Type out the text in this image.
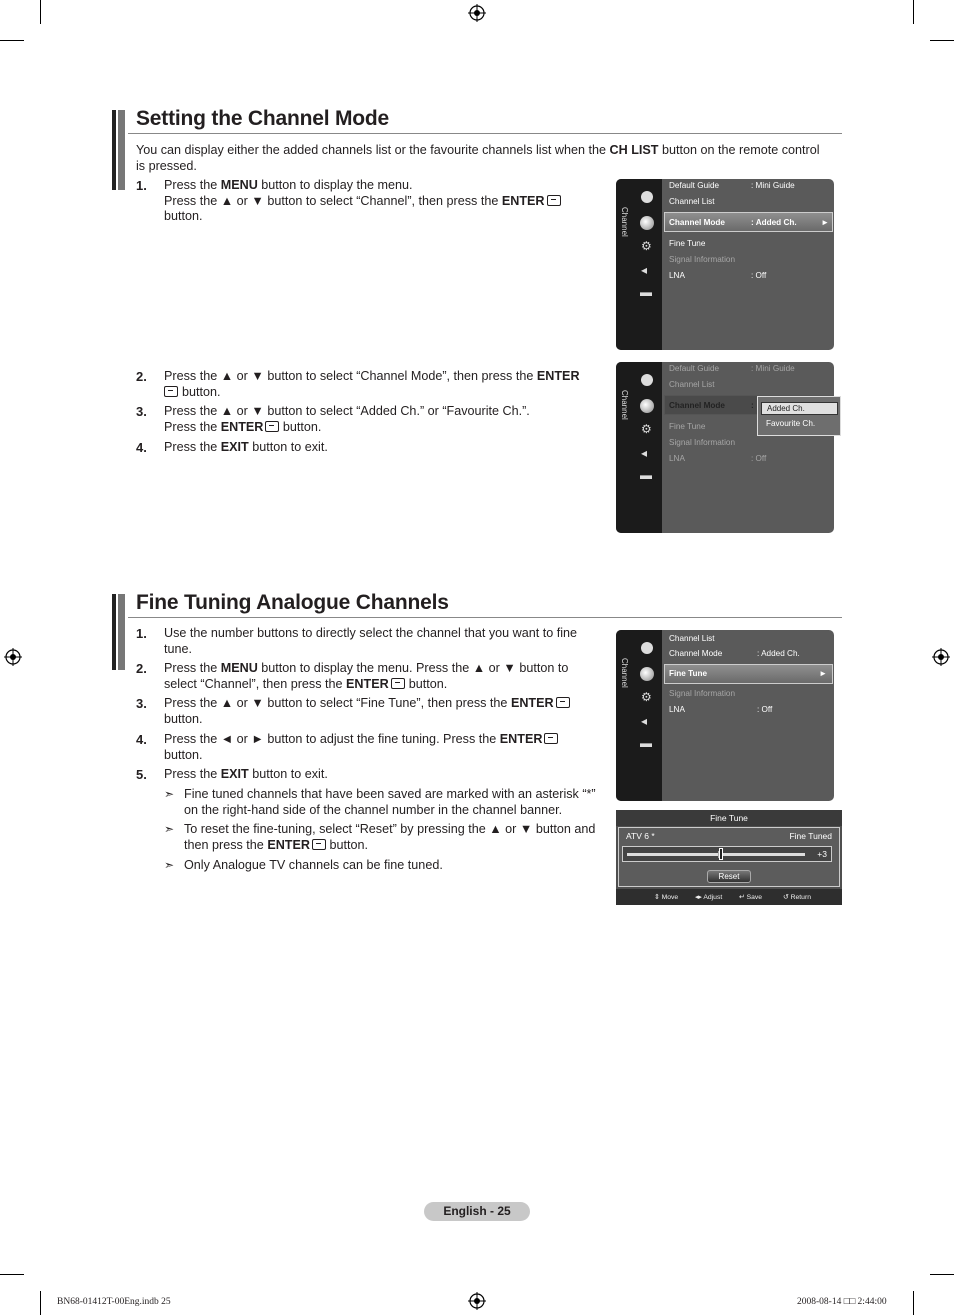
Setting the Channel Mode
You can display either the added channels list or the favourite channels list when the CH LIST button on the remote control
is pressed.
1. Press the MENU button to display the menu.
Press the ▲ or ▼ button to select “Channel”, then press the ENTER
button.
2. Press the ▲ or ▼ button to select “Channel Mode”, then press the ENTER
button.
3. Press the ▲ or ▼ button to select “Added Ch.” or “Favourite Ch.”.
Press the ENTER button.
4. Press the EXIT button to exit.
Channel
⚙
◂
▬
Default Guide	: Mini Guide
Channel List
Channel Mode	: Added Ch.	►
Fine Tune
Signal Information
LNA	: Off
Channel
⚙
◂
▬
Default Guide	: Mini Guide
Channel List
Channel Mode	:
Fine Tune
Signal Information
LNA	: Off
Added Ch.
Favourite Ch.
Fine Tuning Analogue Channels
1. Use the number buttons to directly select the channel that you want to fine
tune.
2. Press the MENU button to display the menu. Press the ▲ or ▼ button to
select “Channel”, then press the ENTER button.
3. Press the ▲ or ▼ button to select “Fine Tune”, then press the ENTER
button.
4. Press the ◄ or ► button to adjust the fine tuning. Press the ENTER
button.
5. Press the EXIT button to exit.
➣ Fine tuned channels that have been saved are marked with an asterisk “*”
on the right-hand side of the channel number in the channel banner.
➣ To reset the fine-tuning, select “Reset” by pressing the ▲ or ▼ button and
then press the ENTER button.
➣ Only Analogue TV channels can be fine tuned.
Channel
⚙
◂
▬
Channel List
Channel Mode	: Added Ch.
Fine Tune	►
Signal Information
LNA	: Off
Fine Tune
ATV 6 *	Fine Tuned
+3
Reset
⇕ Move ◂▸ Adjust ↵ Save	↺ Return
English - 25
BN68-01412T-00Eng.indb 25	2008-08-14 □□ 2:44:00
